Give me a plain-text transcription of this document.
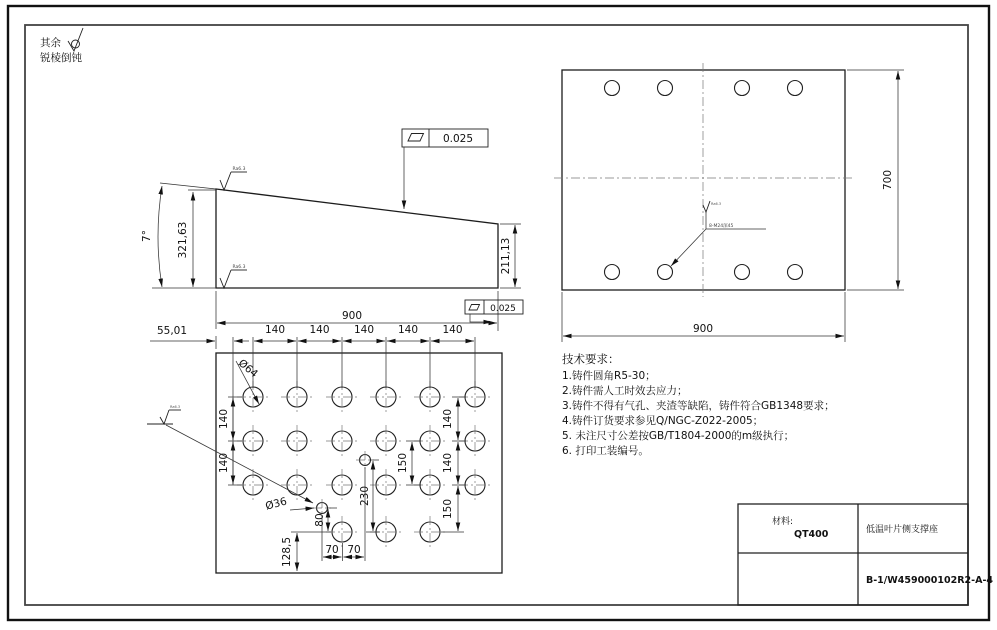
其余
锐棱倒钝
7° 321,63	211,13
900
Ra6.3
Ra6.3
0.025
0.025
700
900
Ra6.3
8-M24深45
55,01	140 140 140 140 140
140
140
140
140
150
150
230
80
128,5	70 70
Ø64
Ø36
Ra6.3
技术要求：
1.铸件圆角R5-30；
2.铸件需人工时效去应力；
3.铸件不得有气孔、夹渣等缺陷，铸件符合GB1348要求；
4.铸件订货要求参见Q/NGC-Z022-2005；
5. 未注尺寸公差按GB/T1804-2000的m级执行；
6. 打印工装编号。
材料:
QT400	低温叶片侧支撑座
B-1/W459000102R2-A-4
